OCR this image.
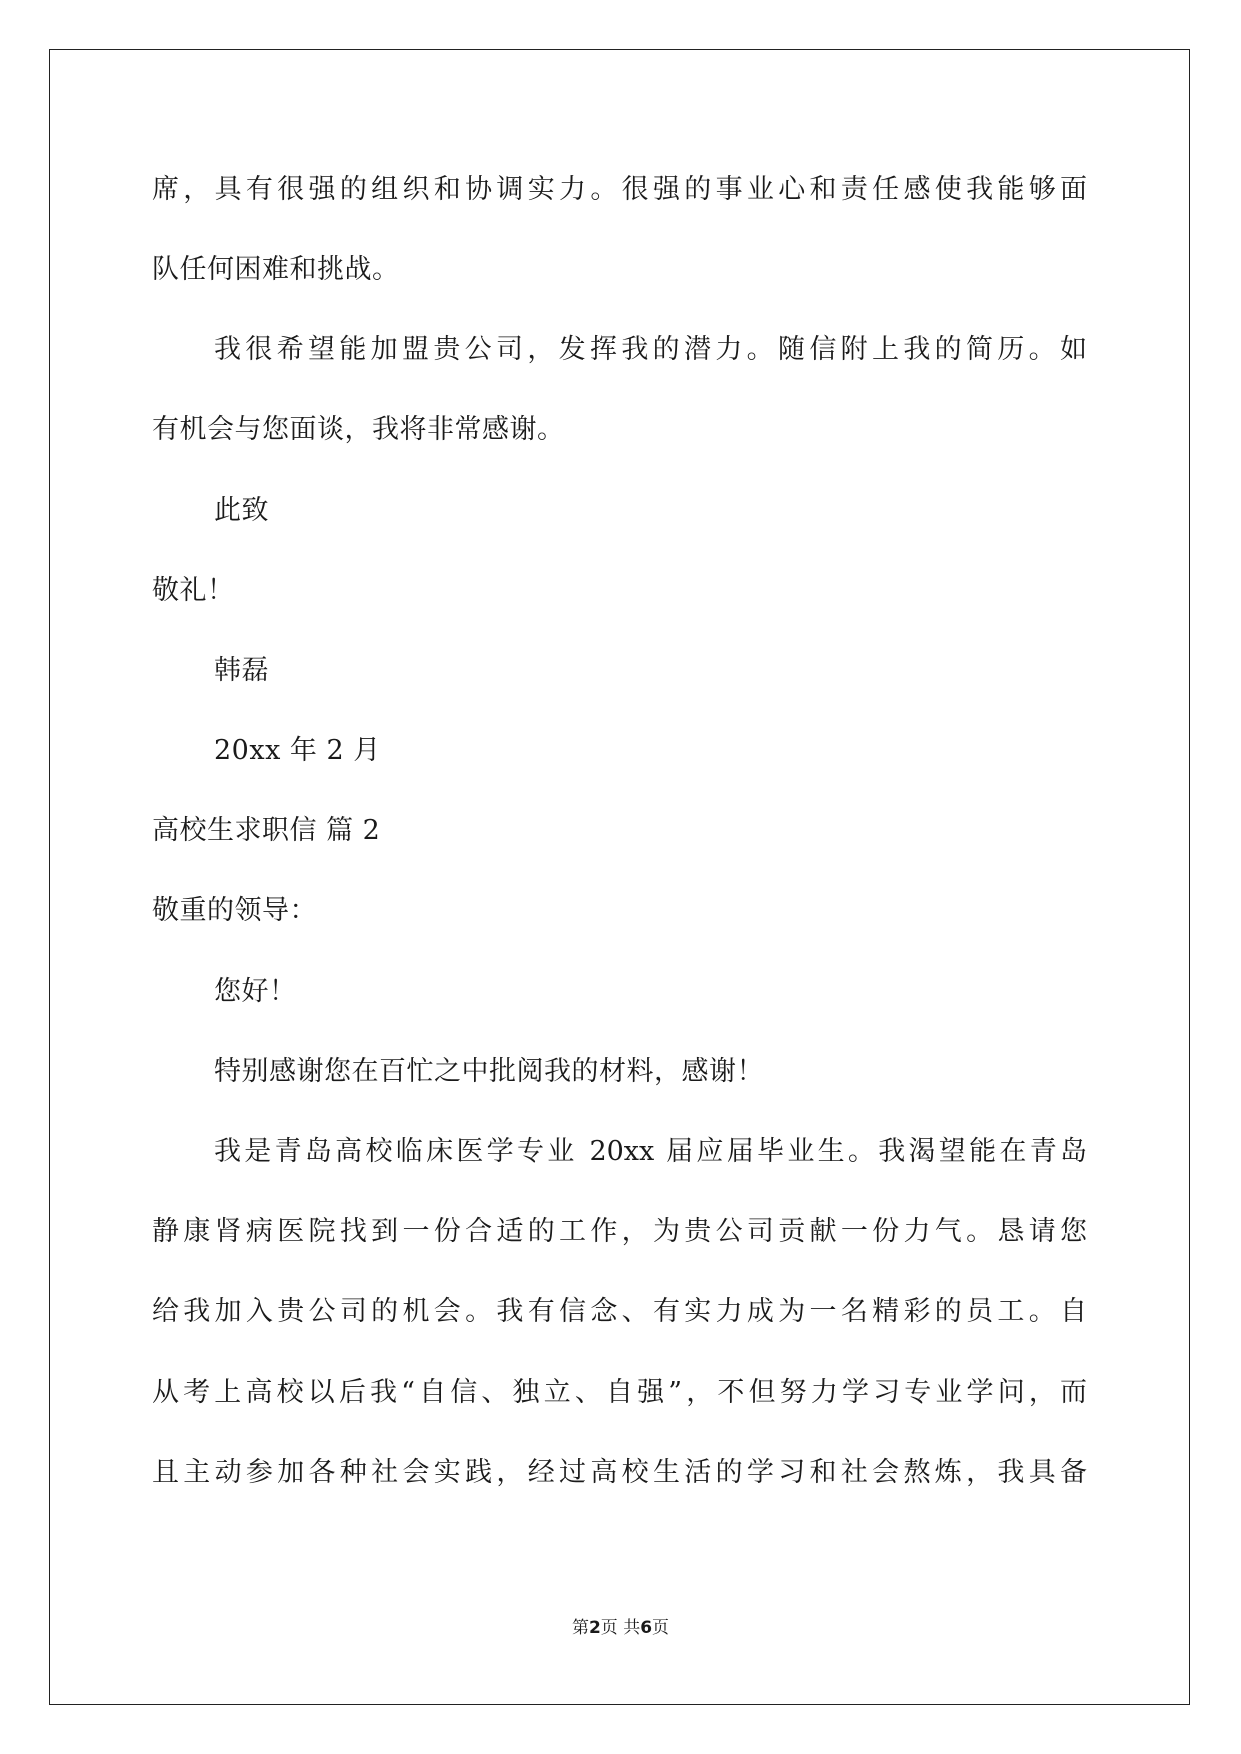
席，具有很强的组织和协调实力。很强的事业心和责任感使我能够面
队任何困难和挑战。
我很希望能加盟贵公司，发挥我的潜力。随信附上我的简历。如
有机会与您面谈，我将非常感谢。
此致
敬礼！
韩磊
20xx 年 2 月
高校生求职信 篇 2
敬重的领导：
您好！
特别感谢您在百忙之中批阅我的材料，感谢！
我是青岛高校临床医学专业 20xx 届应届毕业生。我渴望能在青岛
静康肾病医院找到一份合适的工作，为贵公司贡献一份力气。恳请您
给我加入贵公司的机会。我有信念、有实力成为一名精彩的员工。自
从考上高校以后我“自信、独立、自强”，不但努力学习专业学问，而
且主动参加各种社会实践，经过高校生活的学习和社会熬炼，我具备
第2页 共6页
